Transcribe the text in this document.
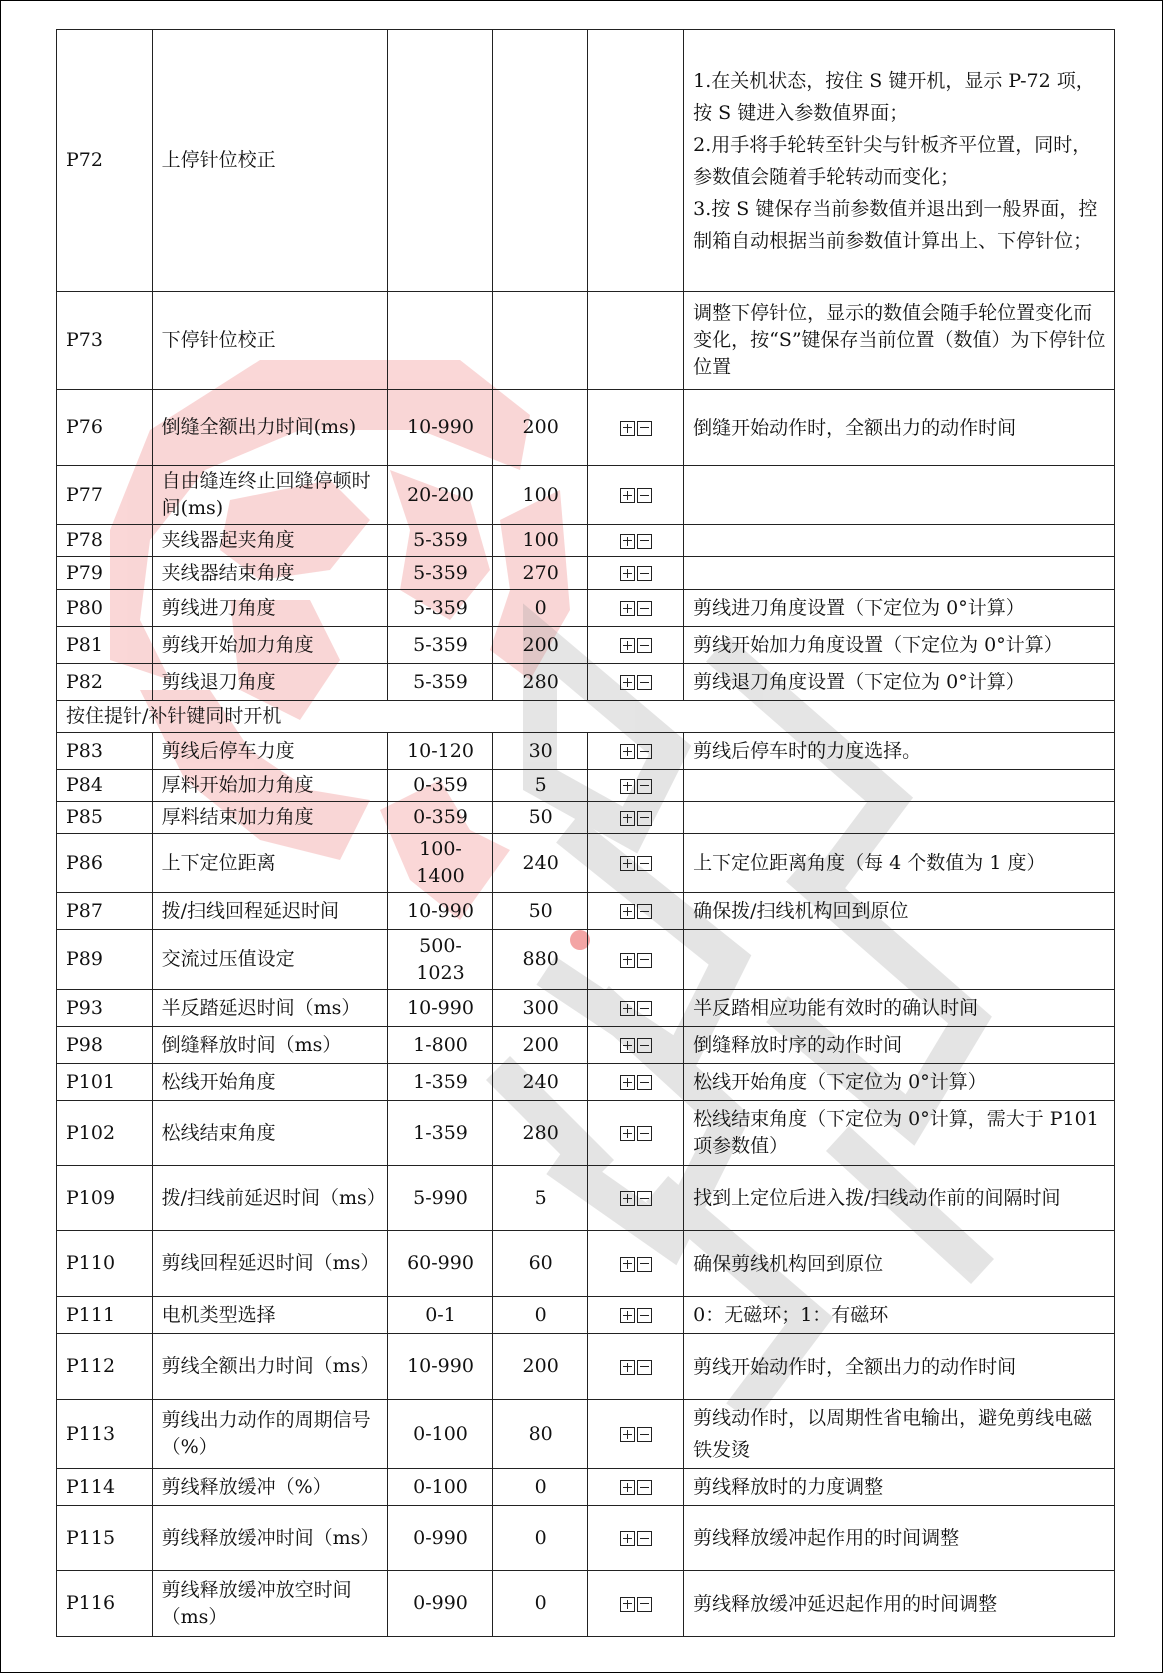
P72	上停针位校正				1.在关机状态，按住 S 键开机，显示 P-72 项，按 S 键进入参数值界面；
2.用手将手轮转至针尖与针板齐平位置，同时，参数值会随着手轮转动而变化；
3.按 S 键保存当前参数值并退出到一般界面，控制箱自动根据当前参数值计算出上、下停针位；

P73	下停针位校正				调整下停针位，显示的数值会随手轮位置变化而变化，按“S”键保存当前位置（数值）为下停针位位置

P76	倒缝全额出力时间(ms)	10-990	200		倒缝开始动作时，全额出力的动作时间

P77	自由缝连终止回缝停顿时间(ms)	20-200	100	

P78	夹线器起夹角度	5-359	100	

P79	夹线器结束角度	5-359	270	

P80	剪线进刀角度	5-359	0		剪线进刀角度设置（下定位为 0°计算）

P81	剪线开始加力角度	5-359	200		剪线开始加力角度设置（下定位为 0°计算）

P82	剪线退刀角度	5-359	280		剪线退刀角度设置（下定位为 0°计算）

按住提针/补针键同时开机					
P83	剪线后停车力度	10-120	30		剪线后停车时的力度选择。

P84	厚料开始加力角度	0-359	5	

P85	厚料结束加力角度	0-359	50	

P86	上下定位距离	100-1400	240		上下定位距离角度（每 4 个数值为 1 度）

P87	拨/扫线回程延迟时间	10-990	50		确保拨/扫线机构回到原位

P89	交流过压值设定	500-1023	880	

P93	半反踏延迟时间（ms）	10-990	300		半反踏相应功能有效时的确认时间

P98	倒缝释放时间（ms）	1-800	200		倒缝释放时序的动作时间

P101	松线开始角度	1-359	240		松线开始角度（下定位为 0°计算）

P102	松线结束角度	1-359	280		松线结束角度（下定位为 0°计算，需大于 P101 项参数值）

P109	拨/扫线前延迟时间（ms）	5-990	5		找到上定位后进入拨/扫线动作前的间隔时间

P110	剪线回程延迟时间（ms）	60-990	60		确保剪线机构回到原位

P111	电机类型选择	0-1	0		0：无磁环；1：有磁环

P112	剪线全额出力时间（ms）	10-990	200		剪线开始动作时，全额出力的动作时间

P113	剪线出力动作的周期信号（%）	0-100	80		剪线动作时，以周期性省电输出，避免剪线电磁铁发烫

P114	剪线释放缓冲（%）	0-100	0		剪线释放时的力度调整

P115	剪线释放缓冲时间（ms）	0-990	0		剪线释放缓冲起作用的时间调整

P116	剪线释放缓冲放空时间（ms）	0-990	0		剪线释放缓冲延迟起作用的时间调整
